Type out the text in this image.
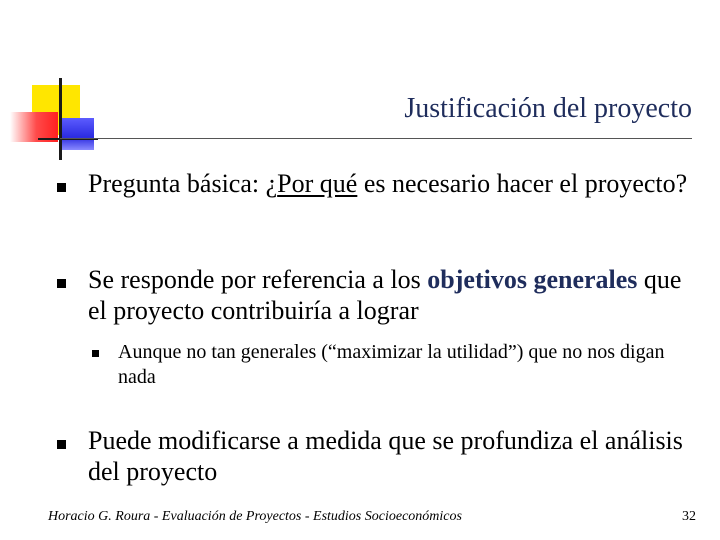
Justificación del proyecto
Pregunta básica: ¿Por qué es necesario hacer el proyecto?
Se responde por referencia a los objetivos generales que el proyecto contribuiría a lograr
Aunque no tan generales (“maximizar la utilidad”) que no nos digan nada
Puede modificarse a medida que se profundiza el análisis del proyecto
Horacio G. Roura - Evaluación de Proyectos - Estudios Socioeconómicos	32
